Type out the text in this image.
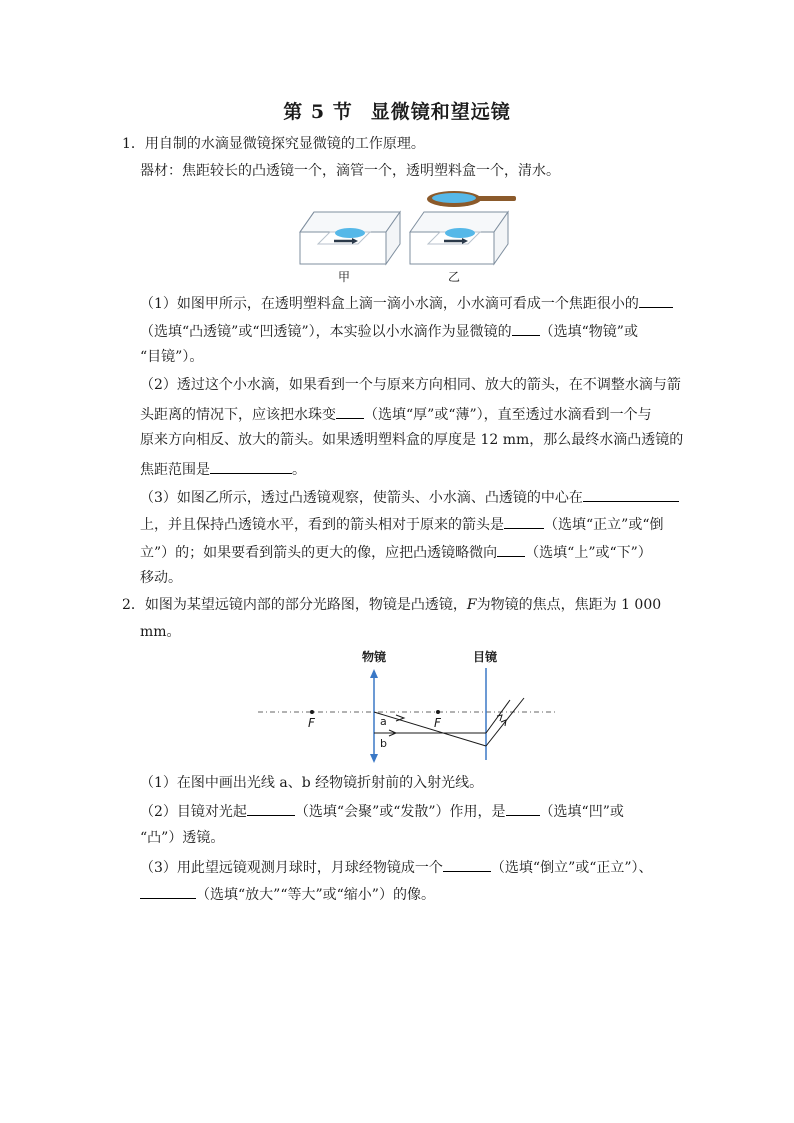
第 5 节 显微镜和望远镜
1．用自制的水滴显微镜探究显微镜的工作原理。
器材：焦距较长的凸透镜一个，滴管一个，透明塑料盒一个，清水。
甲	乙
（1）如图甲所示，在透明塑料盒上滴一滴小水滴，小水滴可看成一个焦距很小的
（选填“凸透镜”或“凹透镜”），本实验以小水滴作为显微镜的 （选填“物镜”或
“目镜”）。
（2）透过这个小水滴，如果看到一个与原来方向相同、放大的箭头，在不调整水滴与箭
头距离的情况下，应该把水珠变 （选填“厚”或“薄”），直至透过水滴看到一个与
原来方向相反、放大的箭头。如果透明塑料盒的厚度是 12 mm，那么最终水滴凸透镜的
焦距范围是	。
（3）如图乙所示，透过凸透镜观察，使箭头、小水滴、凸透镜的中心在
上，并且保持凸透镜水平，看到的箭头相对于原来的箭头是	（选填“正立”或“倒
立”）的；如果要看到箭头的更大的像，应把凸透镜略微向 （选填“上”或“下”）
移动。
2．如图为某望远镜内部的部分光路图，物镜是凸透镜，F为物镜的焦点，焦距为 1 000
mm。
物镜	目镜
F	F
a
b
（1）在图中画出光线 a、b 经物镜折射前的入射光线。
（2）目镜对光起	（选填“会聚”或“发散”）作用，是 （选填“凹”或
“凸”）透镜。
（3）用此望远镜观测月球时，月球经物镜成一个	（选填“倒立”或“正立”）、
（选填“放大”“等大”或“缩小”）的像。
